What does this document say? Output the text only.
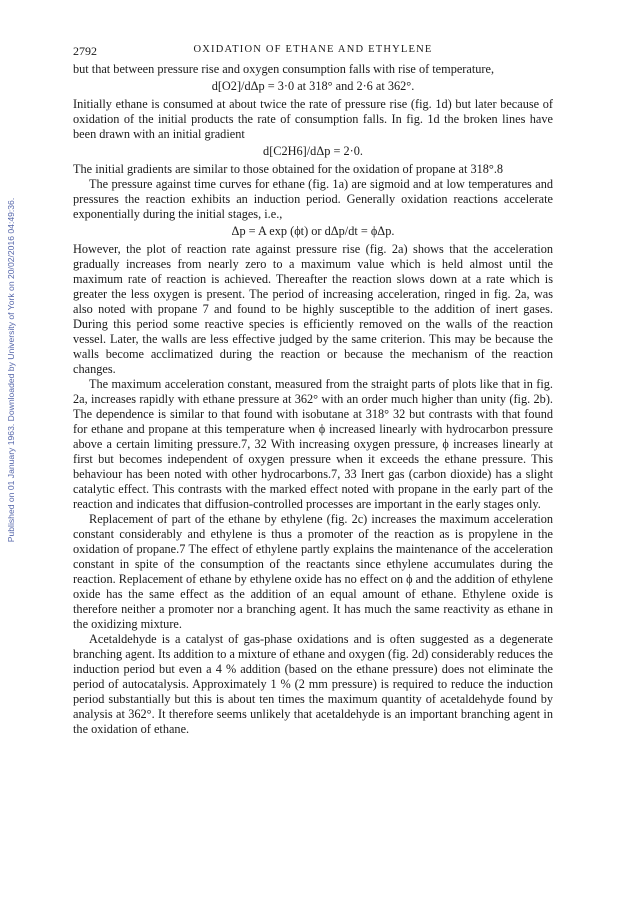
Published on 01 January 1963. Downloaded by University of York on 20/02/2016 04:49:36.
2792	OXIDATION OF ETHANE AND ETHYLENE

but that between pressure rise and oxygen consumption falls with rise of temperature,

d[O2]/dΔp = 3·0 at 318° and 2·6 at 362°.

Initially ethane is consumed at about twice the rate of pressure rise (fig. 1d) but later because of oxidation of the initial products the rate of consumption falls. In fig. 1d the broken lines have been drawn with an initial gradient

d[C2H6]/dΔp = 2·0.

The initial gradients are similar to those obtained for the oxidation of propane at 318°.8

The pressure against time curves for ethane (fig. 1a) are sigmoid and at low temperatures and pressures the reaction exhibits an induction period. Generally oxidation reactions accelerate exponentially during the initial stages, i.e.,

Δp = A exp (ϕt) or dΔp/dt = ϕΔp.

However, the plot of reaction rate against pressure rise (fig. 2a) shows that the acceleration gradually increases from nearly zero to a maximum value which is held almost until the maximum rate of reaction is achieved. Thereafter the reaction slows down at a rate which is greater the less oxygen is present. The period of increasing acceleration, ringed in fig. 2a, was also noted with propane 7 and found to be highly susceptible to the addition of inert gases. During this period some reactive species is efficiently removed on the walls of the reaction vessel. Later, the walls are less effective judged by the same criterion. This may be because the walls become acclimatized during the reaction or because the mechanism of the reaction changes.

The maximum acceleration constant, measured from the straight parts of plots like that in fig. 2a, increases rapidly with ethane pressure at 362° with an order much higher than unity (fig. 2b). The dependence is similar to that found with isobutane at 318° 32 but contrasts with that found for ethane and propane at this temperature when ϕ increased linearly with hydrocarbon pressure above a certain limiting pressure.7, 32 With increasing oxygen pressure, ϕ increases linearly at first but becomes independent of oxygen pressure when it exceeds the ethane pressure. This behaviour has been noted with other hydrocarbons.7, 33 Inert gas (carbon dioxide) has a slight catalytic effect. This contrasts with the marked effect noted with propane in the early part of the reaction and indicates that diffusion-controlled processes are important in the early stages only.

Replacement of part of the ethane by ethylene (fig. 2c) increases the maximum acceleration constant considerably and ethylene is thus a promoter of the reaction as is propylene in the oxidation of propane.7 The effect of ethylene partly explains the maintenance of the acceleration constant in spite of the consumption of the reactants since ethylene accumulates during the reaction. Replacement of ethane by ethylene oxide has no effect on ϕ and the addition of ethylene oxide has the same effect as the addition of an equal amount of ethane. Ethylene oxide is therefore neither a promoter nor a branching agent. It has much the same reactivity as ethane in the oxidizing mixture.

Acetaldehyde is a catalyst of gas-phase oxidations and is often suggested as a degenerate branching agent. Its addition to a mixture of ethane and oxygen (fig. 2d) considerably reduces the induction period but even a 4 % addition (based on the ethane pressure) does not eliminate the period of autocatalysis. Approximately 1 % (2 mm pressure) is required to reduce the induction period substantially but this is about ten times the maximum quantity of acetaldehyde found by analysis at 362°. It therefore seems unlikely that acetaldehyde is an important branching agent in the oxidation of ethane.
